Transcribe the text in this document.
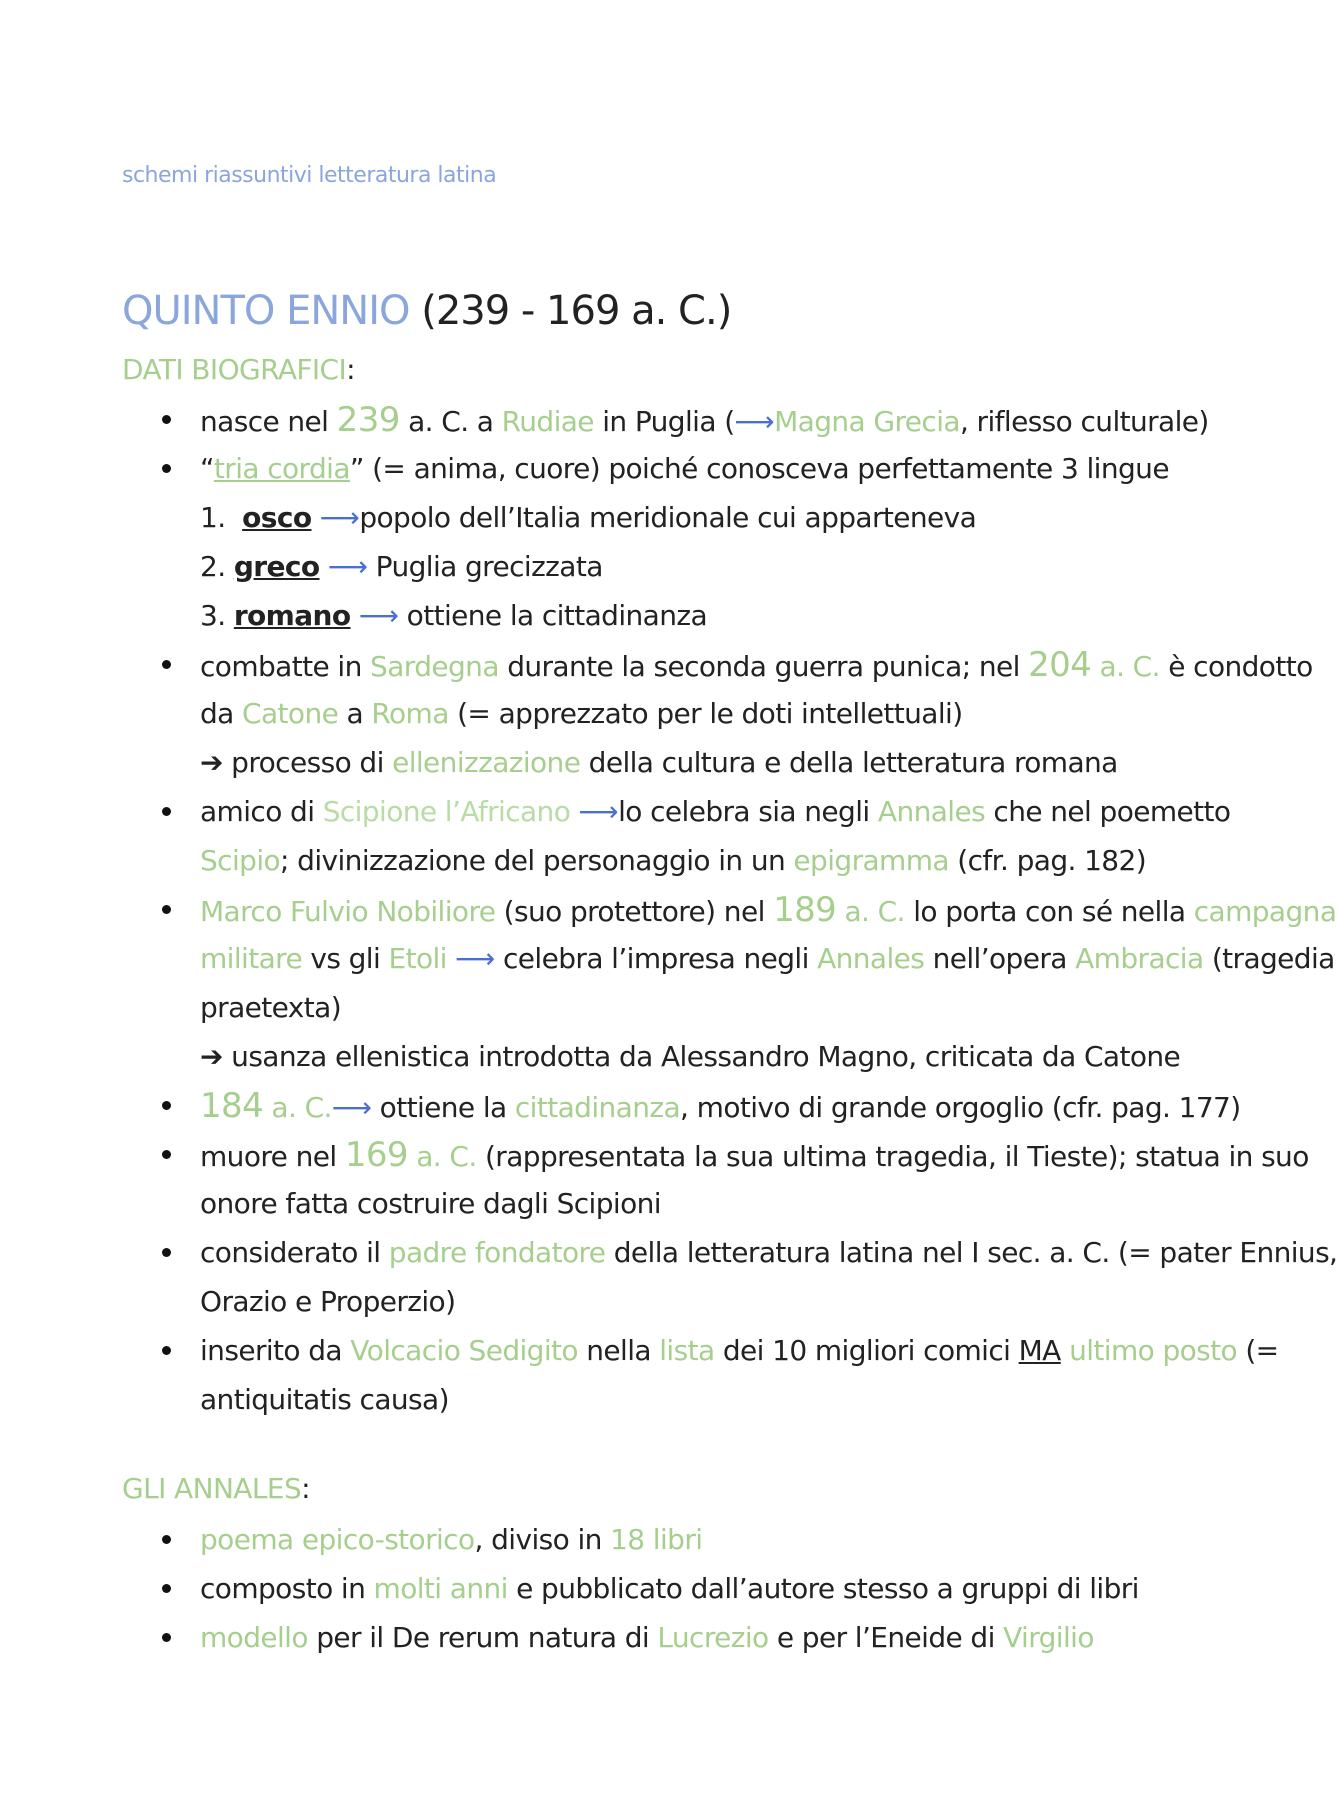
schemi riassuntivi letteratura latina
QUINTO ENNIO (239 - 169 a. C.)
DATI BIOGRAFICI:
nasce nel 239 a. C. a Rudiae in Puglia (⟶Magna Grecia, riflesso culturale)
“tria cordia” (= anima, cuore) poiché conosceva perfettamente 3 lingue
1. osco ⟶popolo dell’Italia meridionale cui apparteneva
2. greco ⟶ Puglia grecizzata
3. romano ⟶ ottiene la cittadinanza
combatte in Sardegna durante la seconda guerra punica; nel 204 a. C. è condotto
da Catone a Roma (= apprezzato per le doti intellettuali)
➔ processo di ellenizzazione della cultura e della letteratura romana
amico di Scipione l’Africano ⟶lo celebra sia negli Annales che nel poemetto
Scipio; divinizzazione del personaggio in un epigramma (cfr. pag. 182)
Marco Fulvio Nobiliore (suo protettore) nel 189 a. C. lo porta con sé nella campagna
militare vs gli Etoli ⟶ celebra l’impresa negli Annales nell’opera Ambracia (tragedia
praetexta)
➔ usanza ellenistica introdotta da Alessandro Magno, criticata da Catone
184 a. C.⟶ ottiene la cittadinanza, motivo di grande orgoglio (cfr. pag. 177)
muore nel 169 a. C. (rappresentata la sua ultima tragedia, il Tieste); statua in suo
onore fatta costruire dagli Scipioni
considerato il padre fondatore della letteratura latina nel I sec. a. C. (= pater Ennius,
Orazio e Properzio)
inserito da Volcacio Sedigito nella lista dei 10 migliori comici MA ultimo posto (=
antiquitatis causa)
GLI ANNALES:
poema epico-storico, diviso in 18 libri
composto in molti anni e pubblicato dall’autore stesso a gruppi di libri
modello per il De rerum natura di Lucrezio e per l’Eneide di Virgilio
